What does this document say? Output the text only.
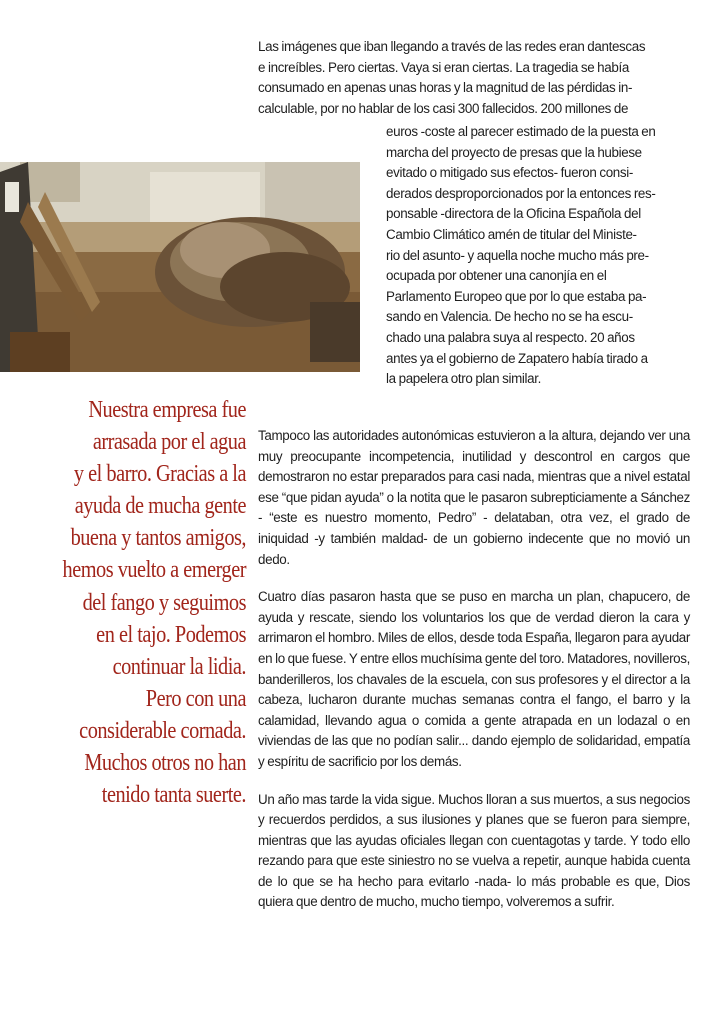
Las imágenes que iban llegando a través de las redes eran dantescas
e increíbles. Pero ciertas. Vaya si eran ciertas. La tragedia se había
consumado en apenas unas horas y la magnitud de las pérdidas in-
calculable, por no hablar de los casi 300 fallecidos. 200 millones de
euros -coste al parecer estimado de la puesta en
marcha del proyecto de presas que la hubiese
evitado o mitigado sus efectos- fueron consi-
derados desproporcionados por la entonces res-
ponsable -directora de la Oficina Española del
Cambio Climático amén de titular del Ministe-
rio del asunto- y aquella noche mucho más pre-
ocupada por obtener una canonjía en el
Parlamento Europeo que por lo que estaba pa-
sando en Valencia. De hecho no se ha escu-
chado una palabra suya al respecto. 20 años
antes ya el gobierno de Zapatero había tirado a
la papelera otro plan similar.
Nuestra empresa fue
arrasada por el agua
y el barro. Gracias a la
ayuda de mucha gente
buena y tantos amigos,
hemos vuelto a emerger
del fango y seguimos
en el tajo. Podemos
continuar la lidia.
Pero con una
considerable cornada.
Muchos otros no han
tenido tanta suerte.

Tampoco las autoridades autonómicas estuvieron a la altura, dejando ver una muy preocupante incompetencia, inutilidad y descontrol en cargos que demostraron no estar preparados para casi nada, mientras que a nivel estatal ese “que pidan ayuda” o la notita que le pasaron subrepticiamente a Sánchez - “este es nuestro momento, Pedro” - delataban, otra vez, el grado de iniquidad -y también maldad- de un gobierno indecente que no movió un dedo.

Cuatro días pasaron hasta que se puso en marcha un plan, chapucero, de ayuda y rescate, siendo los voluntarios los que de verdad dieron la cara y arrimaron el hombro. Miles de ellos, desde toda España, llegaron para ayudar en lo que fuese. Y entre ellos muchísima gente del toro. Matadores, novilleros, banderilleros, los chavales de la escuela, con sus profesores y el director a la cabeza, lucharon durante muchas semanas contra el fango, el barro y la calamidad, llevando agua o comida a gente atrapada en un lodazal o en viviendas de las que no podían salir... dando ejemplo de solidaridad, empatía y espíritu de sacrificio por los demás.

Un año mas tarde la vida sigue. Muchos lloran a sus muertos, a sus negocios y recuerdos perdidos, a sus ilusiones y planes que se fueron para siempre, mientras que las ayudas oficiales llegan con cuentagotas y tarde. Y todo ello rezando para que este siniestro no se vuelva a repetir, aunque habida cuenta de lo que se ha hecho para evitarlo -nada- lo más probable es que, Dios quiera que dentro de mucho, mucho tiempo, volveremos a sufrir.
